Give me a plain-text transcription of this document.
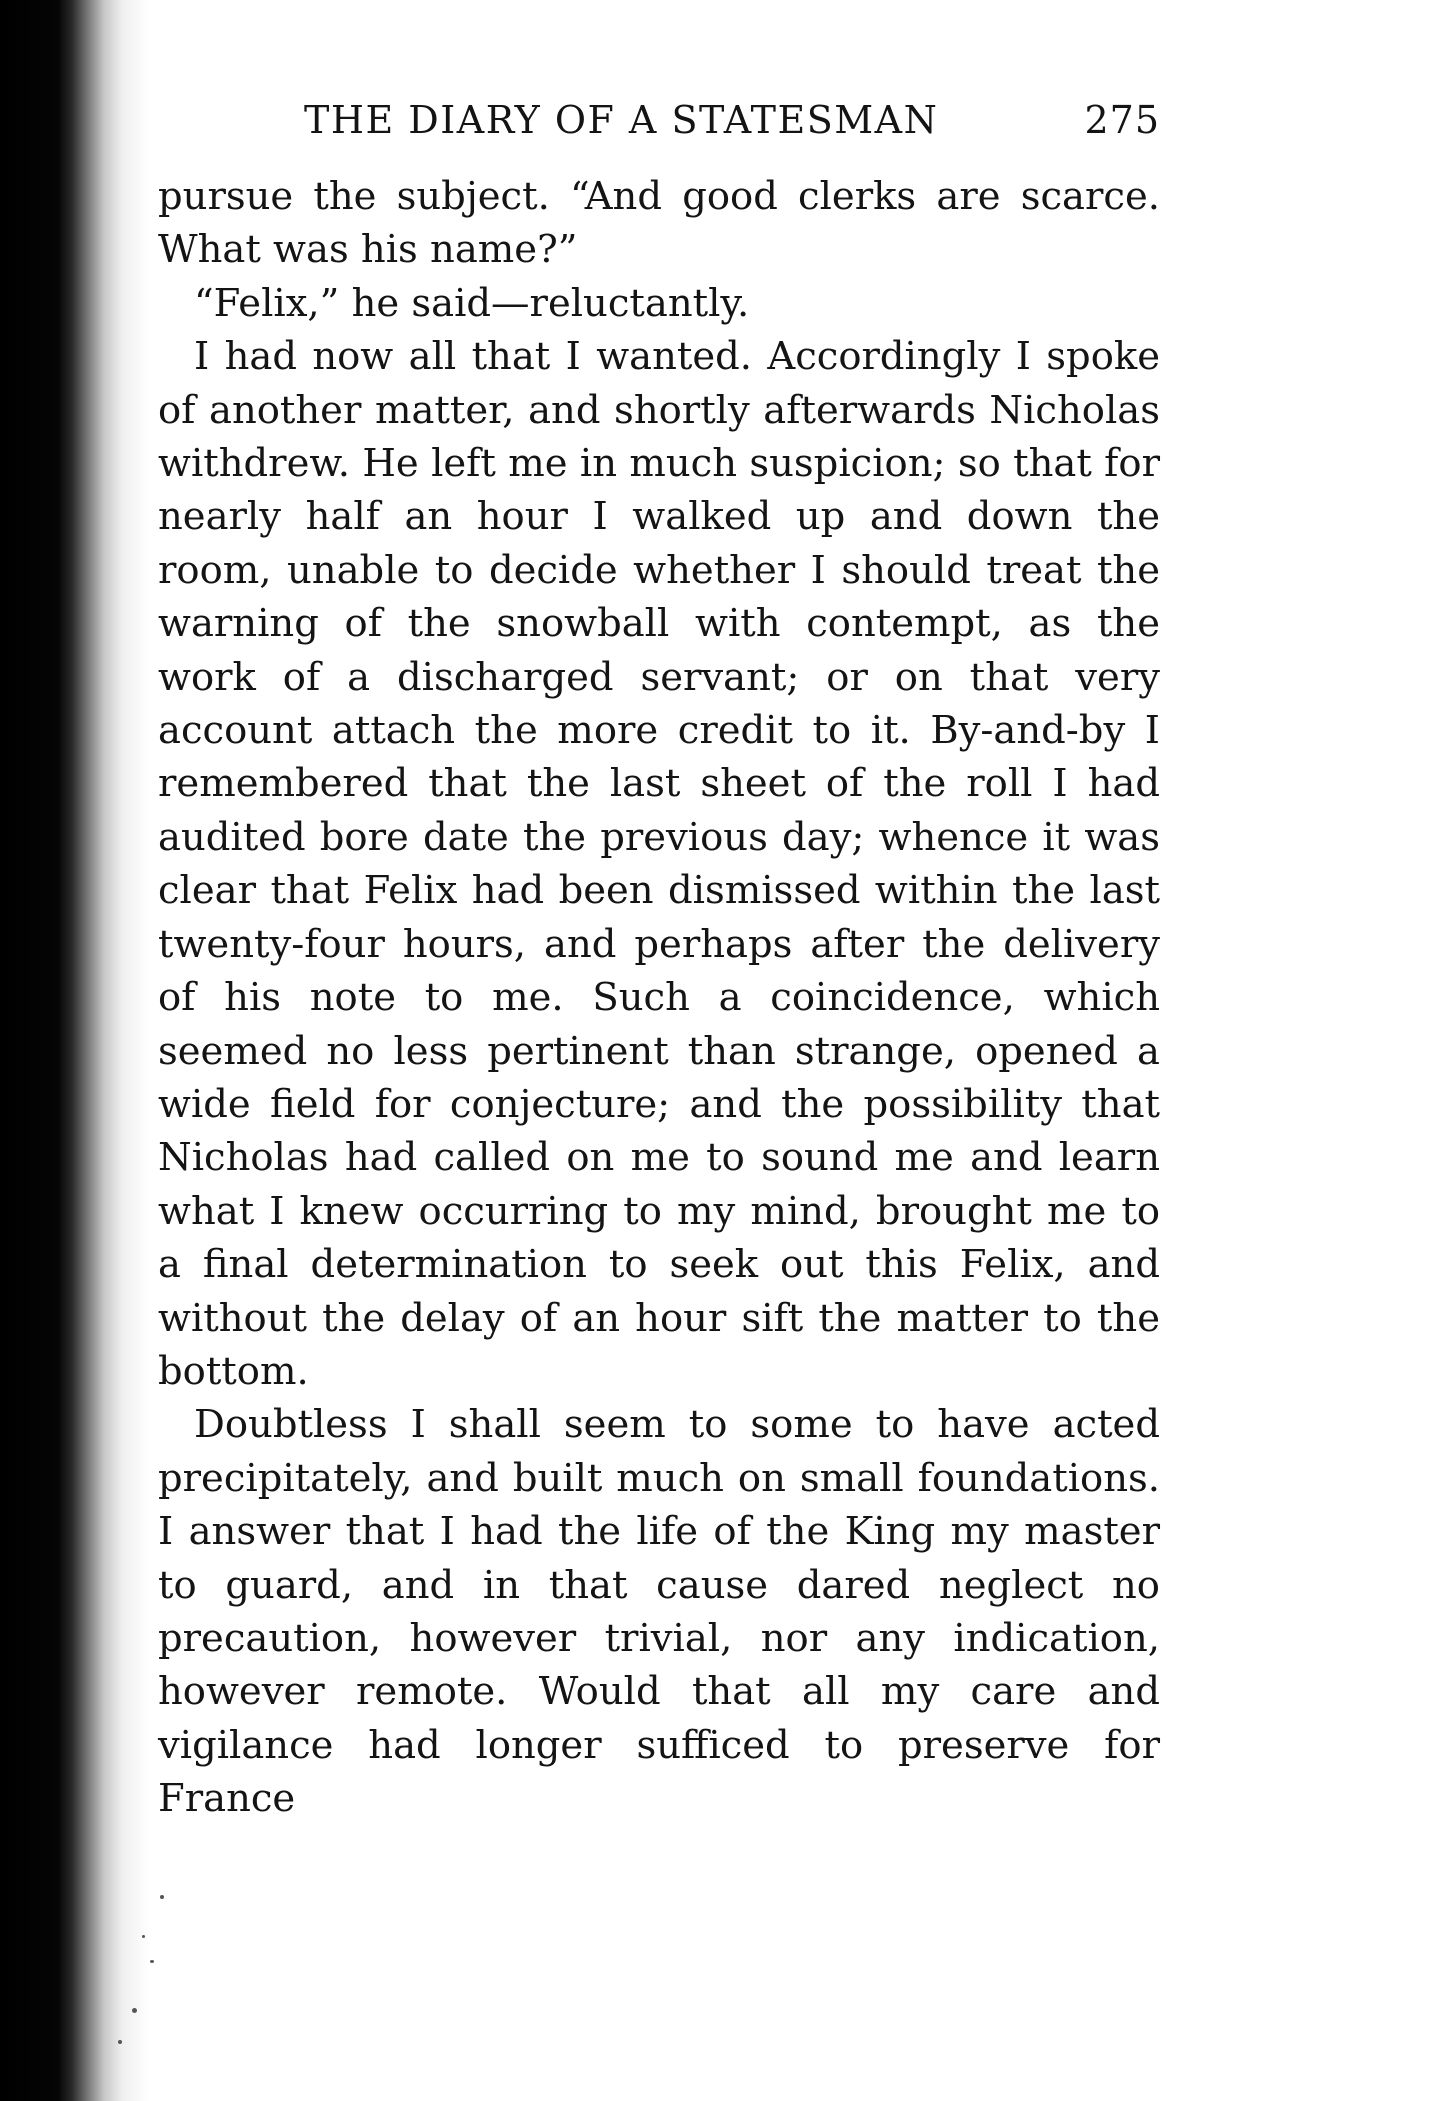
THE DIARY OF A STATESMAN	275

pursue the subject. “And good clerks are scarce. What was his name?”

“Felix,” he said—reluctantly.

I had now all that I wanted. Accordingly I spoke of another matter, and shortly afterwards Nicholas withdrew. He left me in much suspicion; so that for nearly half an hour I walked up and down the room, unable to decide whether I should treat the warning of the snowball with contempt, as the work of a discharged servant; or on that very account attach the more credit to it. By-and-by I remembered that the last sheet of the roll I had audited bore date the previous day; whence it was clear that Felix had been dismissed within the last twenty-four hours, and perhaps after the delivery of his note to me. Such a coincidence, which seemed no less pertinent than strange, opened a wide field for conjecture; and the possibility that Nicholas had called on me to sound me and learn what I knew occurring to my mind, brought me to a final determination to seek out this Felix, and without the delay of an hour sift the matter to the bottom.

Doubtless I shall seem to some to have acted precipitately, and built much on small foundations. I answer that I had the life of the King my master to guard, and in that cause dared neglect no precaution, however trivial, nor any indication, however remote. Would that all my care and vigilance had longer sufficed to preserve for France
